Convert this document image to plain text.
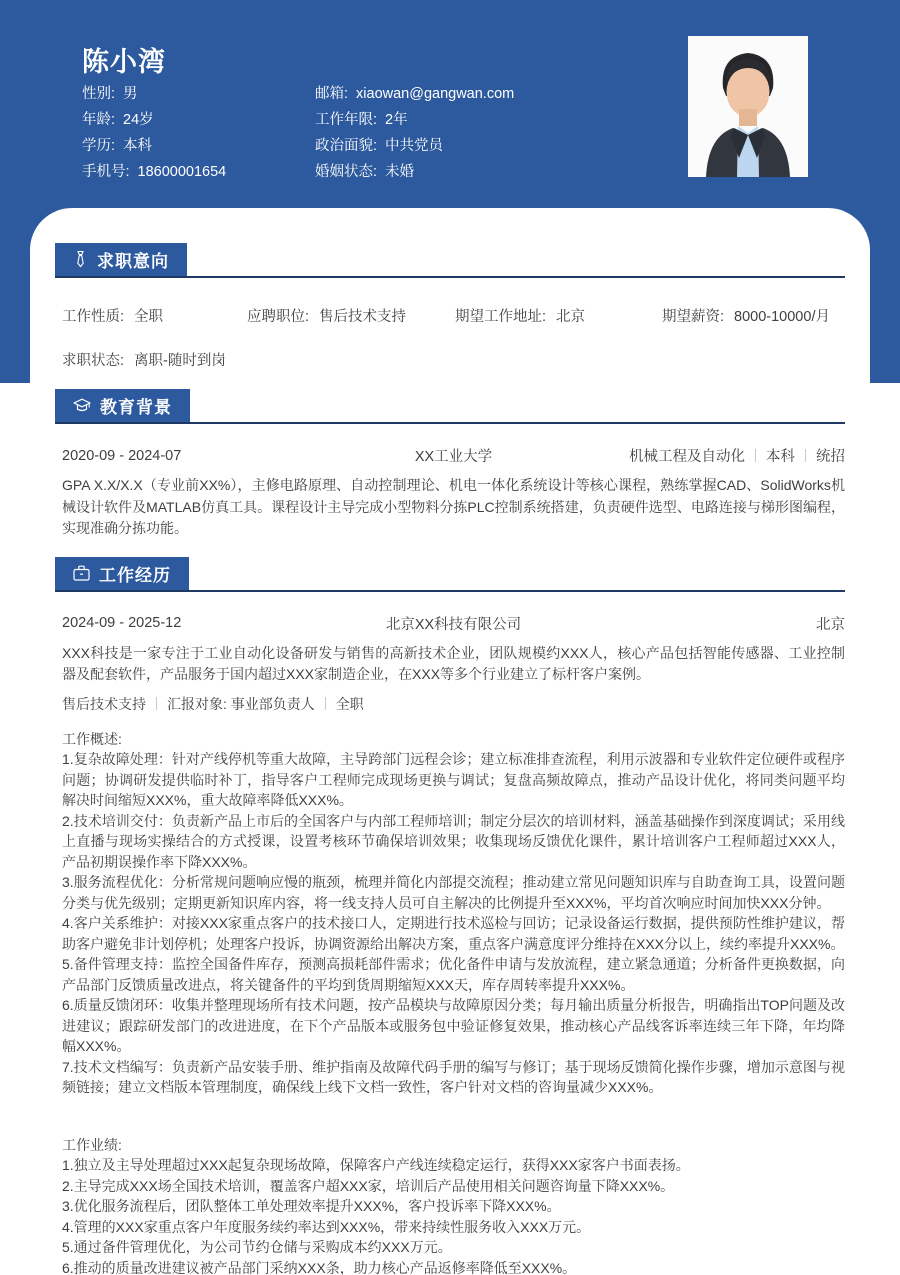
陈小湾
性别: 男
年龄: 24岁
学历: 本科
手机号: 18600001654
邮箱: xiaowan@gangwan.com
工作年限: 2年
政治面貌: 中共党员
婚姻状态: 未婚
求职意向
工作性质: 全职	应聘职位: 售后技术支持	期望工作地址: 北京	期望薪资: 8000-10000/月
求职状态: 离职-随时到岗
教育背景
2020-09 - 2024-07	XX工业大学	机械工程及自动化 本科 统招
GPA X.X/X.X（专业前XX%），主修电路原理、自动控制理论、机电一体化系统设计等核心课程，熟练掌握CAD、SolidWorks机械设计软件及MATLAB仿真工具。课程设计主导完成小型物料分拣PLC控制系统搭建，负责硬件选型、电路连接与梯形图编程，实现准确分拣功能。
工作经历
2024-09 - 2025-12	北京XX科技有限公司	北京
XXX科技是一家专注于工业自动化设备研发与销售的高新技术企业，团队规模约XXX人，核心产品包括智能传感器、工业控制器及配套软件，产品服务于国内超过XXX家制造企业，在XXX等多个行业建立了标杆客户案例。
售后技术支持 汇报对象: 事业部负责人 全职
工作概述:
1.复杂故障处理：针对产线停机等重大故障，主导跨部门远程会诊；建立标准排查流程，利用示波器和专业软件定位硬件或程序问题；协调研发提供临时补丁，指导客户工程师完成现场更换与调试；复盘高频故障点，推动产品设计优化，将同类问题平均解决时间缩短XXX%，重大故障率降低XXX%。
2.技术培训交付：负责新产品上市后的全国客户与内部工程师培训；制定分层次的培训材料，涵盖基础操作到深度调试；采用线上直播与现场实操结合的方式授课，设置考核环节确保培训效果；收集现场反馈优化课件，累计培训客户工程师超过XXX人，产品初期误操作率下降XXX%。
3.服务流程优化：分析常规问题响应慢的瓶颈，梳理并简化内部提交流程；推动建立常见问题知识库与自助查询工具，设置问题分类与优先级别；定期更新知识库内容，将一线支持人员可自主解决的比例提升至XXX%，平均首次响应时间加快XXX分钟。
4.客户关系维护：对接XXX家重点客户的技术接口人，定期进行技术巡检与回访；记录设备运行数据，提供预防性维护建议，帮助客户避免非计划停机；处理客户投诉，协调资源给出解决方案，重点客户满意度评分维持在XXX分以上，续约率提升XXX%。
5.备件管理支持：监控全国备件库存，预测高损耗部件需求；优化备件申请与发放流程，建立紧急通道；分析备件更换数据，向产品部门反馈质量改进点，将关键备件的平均到货周期缩短XXX天，库存周转率提升XXX%。
6.质量反馈闭环：收集并整理现场所有技术问题，按产品模块与故障原因分类；每月输出质量分析报告，明确指出TOP问题及改进建议；跟踪研发部门的改进进度，在下个产品版本或服务包中验证修复效果，推动核心产品线客诉率连续三年下降，年均降幅XXX%。
7.技术文档编写：负责新产品安装手册、维护指南及故障代码手册的编写与修订；基于现场反馈简化操作步骤，增加示意图与视频链接；建立文档版本管理制度，确保线上线下文档一致性，客户针对文档的咨询量减少XXX%。
工作业绩:
1.独立及主导处理超过XXX起复杂现场故障，保障客户产线连续稳定运行，获得XXX家客户书面表扬。
2.主导完成XXX场全国技术培训，覆盖客户超XXX家，培训后产品使用相关问题咨询量下降XXX%。
3.优化服务流程后，团队整体工单处理效率提升XXX%，客户投诉率下降XXX%。
4.管理的XXX家重点客户年度服务续约率达到XXX%，带来持续性服务收入XXX万元。
5.通过备件管理优化，为公司节约仓储与采购成本约XXX万元。
6.推动的质量改进建议被产品部门采纳XXX条，助力核心产品返修率降低至XXX%。
